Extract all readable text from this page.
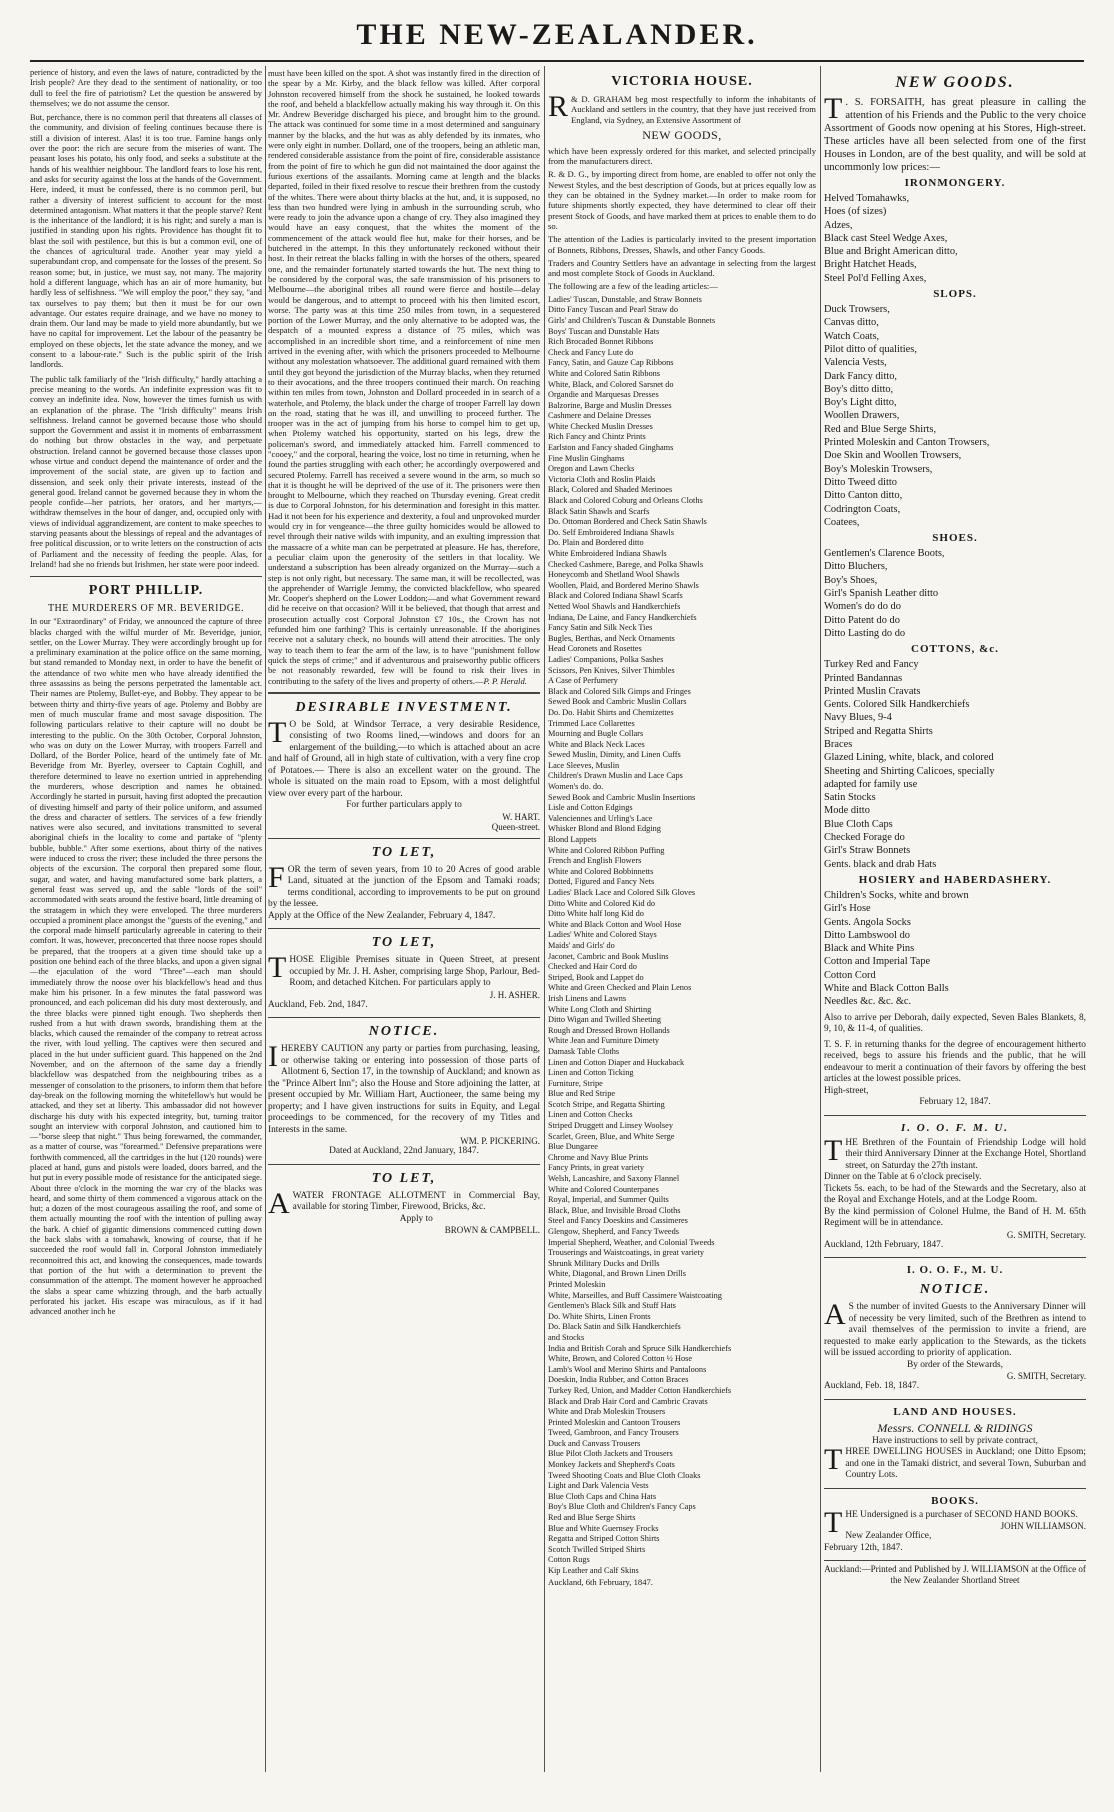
THE NEW-ZEALANDER.

perience of history, and even the laws of nature, contradicted by the Irish people? Are they dead to the sentiment of nationality, or too dull to feel the fire of patriotism? Let the question be answered by themselves; we do not assume the censor.

But, perchance, there is no common peril that threatens all classes of the community, and division of feeling continues because there is still a division of interest. Alas! it is too true. Famine hangs only over the poor: the rich are secure from the miseries of want. The peasant loses his potato, his only food, and seeks a substitute at the hands of his wealthier neighbour. The landlord fears to lose his rent, and asks for security against the loss at the hands of the Government. Here, indeed, it must be confessed, there is no common peril, but rather a diversity of interest sufficient to account for the most determined antagonism. What matters it that the people starve? Rent is the inheritance of the landlord; it is his right; and surely a man is justified in standing upon his rights. Providence has thought fit to blast the soil with pestilence, but this is but a common evil, one of the chances of agricultural trade. Another year may yield a superabundant crop, and compensate for the losses of the present. So reason some; but, in justice, we must say, not many. The majority hold a different language, which has an air of more humanity, but hardly less of selfishness. "We will employ the poor," they say, "and tax ourselves to pay them; but then it must be for our own advantage. Our estates require drainage, and we have no money to drain them. Our land may be made to yield more abundantly, but we have no capital for improvement. Let the labour of the peasantry be employed on these objects, let the state advance the money, and we consent to a labour-rate." Such is the public spirit of the Irish landlords.

The public talk familiarly of the "Irish difficulty," hardly attaching a precise meaning to the words. An indefinite expression was fit to convey an indefinite idea. Now, however the times furnish us with an explanation of the phrase. The "Irish difficulty" means Irish selfishness. Ireland cannot be governed because those who should support the Government and assist it in moments of embarrassment do nothing but throw obstacles in the way, and perpetuate obstruction. Ireland cannot be governed because those classes upon whose virtue and conduct depend the maintenance of order and the improvement of the social state, are given up to faction and dissension, and seek only their private interests, instead of the general good. Ireland cannot be governed because they in whom the people confide—her patriots, her orators, and her martyrs,—withdraw themselves in the hour of danger, and, occupied only with views of individual aggrandizement, are content to make speeches to starving peasants about the blessings of repeal and the advantages of free political discussion, or to write letters on the construction of acts of Parliament and the necessity of feeding the people. Alas, for Ireland! had she no friends but Irishmen, her state were poor indeed.

PORT PHILLIP.
THE MURDERERS OF MR. BEVERIDGE.

In our "Extraordinary" of Friday, we announced the capture of three blacks charged with the wilful murder of Mr. Beveridge, junior, settler, on the Lower Murray. They were accordingly brought up for a preliminary examination at the police office on the same morning, but stand remanded to Monday next, in order to have the benefit of the attendance of two white men who have already identified the three assassins as being the persons perpetrated the lamentable act. Their names are Ptolemy, Bullet-eye, and Bobby. They appear to be between thirty and thirty-five years of age. Ptolemy and Bobby are men of much muscular frame and most savage disposition. The following particulars relative to their capture will no doubt be interesting to the public. On the 30th October, Corporal Johnston, who was on duty on the Lower Murray, with troopers Farrell and Dollard, of the Border Police, heard of the untimely fate of Mr. Beveridge from Mr. Byerley, overseer to Captain Coghill, and therefore determined to leave no exertion untried in apprehending the murderers, whose description and names he obtained. Accordingly he started in pursuit, having first adopted the precaution of divesting himself and party of their police uniform, and assumed the dress and character of settlers. The services of a few friendly natives were also secured, and invitations transmitted to several aboriginal chiefs in the locality to come and partake of "plenty bubble, bubble." After some exertions, about thirty of the natives were induced to cross the river; these included the three persons the objects of the excursion. The corporal then prepared some flour, sugar, and water, and having manufactured some bark platters, a general feast was served up, and the sable "lords of the soil" accommodated with seats around the festive board, little dreaming of the stratagem in which they were enveloped. The three murderers occupied a prominent place amongst the "guests of the evening," and the corporal made himself particularly agreeable in catering to their comfort. It was, however, preconcerted that three noose ropes should be prepared, that the troopers at a given time should take up a position one behind each of the three blacks, and upon a given signal—the ejaculation of the word "Three"—each man should immediately throw the noose over his blackfellow's head and thus make him his prisoner. In a few minutes the fatal password was pronounced, and each policeman did his duty most dexterously, and the three blacks were pinned tight enough. Two shepherds then rushed from a hut with drawn swords, brandishing them at the blacks, which caused the remainder of the company to retreat across the river, with loud yelling. The captives were then secured and placed in the hut under sufficient guard. This happened on the 2nd November, and on the afternoon of the same day a friendly blackfellow was despatched from the neighbouring tribes as a messenger of consolation to the prisoners, to inform them that before day-break on the following morning the whitefellow's hut would be attacked, and they set at liberty. This ambassador did not however discharge his duty with his expected integrity, but, turning traitor sought an interview with corporal Johnston, and cautioned him to—"borse sleep that night." Thus being forewarned, the commander, as a matter of course, was "forearmed." Defensive preparations were forthwith commenced, all the cartridges in the hut (120 rounds) were placed at hand, guns and pistols were loaded, doors barred, and the hut put in every possible mode of resistance for the anticipated siege. About three o'clock in the morning the war cry of the blacks was heard, and some thirty of them commenced a vigorous attack on the hut; a dozen of the most courageous assailing the roof, and some of them actually mounting the roof with the intention of pulling away the bark. A chief of gigantic dimensions commenced cutting down the back slabs with a tomahawk, knowing of course, that if he succeeded the roof would fall in. Corporal Johnston immediately reconnoitred this act, and knowing the consequences, made towards that portion of the hut with a determination to prevent the consummation of the attempt. The moment however he approached the slabs a spear came whizzing through, and the barb actually perforated his jacket. His escape was miraculous, as if it had advanced another inch he

must have been killed on the spot. A shot was instantly fired in the direction of the spear by a Mr. Kirby, and the black fellow was killed. After corporal Johnston recovered himself from the shock he sustained, he looked towards the roof, and beheld a blackfellow actually making his way through it. On this Mr. Andrew Beveridge discharged his piece, and brought him to the ground. The attack was continued for some time in a most determined and sanguinary manner by the blacks, and the hut was as ably defended by its inmates, who were only eight in number. Dollard, one of the troopers, being an athletic man, rendered considerable assistance from the point of fire, considerable assistance from the point of fire to which he gun did not maintained the door against the furious exertions of the assailants. Morning came at length and the blacks departed, foiled in their fixed resolve to rescue their brethren from the custody of the whites. There were about thirty blacks at the hut, and, it is supposed, no less than two hundred were lying in ambush in the surrounding scrub, who were ready to join the advance upon a change of cry. They also imagined they would have an easy conquest, that the whites the moment of the commencement of the attack would flee hut, make for their horses, and be butchered in the attempt. In this they unfortunately reckoned without their host. In their retreat the blacks falling in with the horses of the others, speared one, and the remainder fortunately started towards the hut. The next thing to be considered by the corporal was, the safe transmission of his prisoners to Melbourne—the aboriginal tribes all round were fierce and hostile—delay would be dangerous, and to attempt to proceed with his then limited escort, worse. The party was at this time 250 miles from town, in a sequestered portion of the Lower Murray, and the only alternative to be adopted was, the despatch of a mounted express a distance of 75 miles, which was accomplished in an incredible short time, and a reinforcement of nine men arrived in the evening after, with which the prisoners proceeded to Melbourne without any molestation whatsoever. The additional guard remained with them until they got beyond the jurisdiction of the Murray blacks, when they returned to their avocations, and the three troopers continued their march. On reaching within ten miles from town, Johnston and Dollard proceeded in in search of a waterhole, and Ptolemy, the black under the charge of trooper Farrell lay down on the road, stating that he was ill, and unwilling to proceed further. The trooper was in the act of jumping from his horse to compel him to get up, when Ptolemy watched his opportunity, started on his legs, drew the policeman's sword, and immediately attacked him. Farrell commenced to "cooey," and the corporal, hearing the voice, lost no time in returning, when he found the parties struggling with each other; he accordingly overpowered and secured Ptolemy. Farrell has received a severe wound in the arm, so much so that it is thought he will be deprived of the use of it. The prisoners were then brought to Melbourne, which they reached on Thursday evening. Great credit is due to Corporal Johnston, for his determination and foresight in this matter. Had it not been for his experience and dexterity, a foul and unprovoked murder would cry in for vengeance—the three guilty homicides would be allowed to revel through their native wilds with impunity, and an exulting impression that the massacre of a white man can be perpetrated at pleasure. He has, therefore, a peculiar claim upon the generosity of the settlers in that locality. We understand a subscription has been already organized on the Murray—such a step is not only right, but necessary. The same man, it will be recollected, was the apprehender of Warrigle Jemmy, the convicted blackfellow, who speared Mr. Cooper's shepherd on the Lower Loddon;—and what Government reward did he receive on that occasion? Will it be believed, that though that arrest and prosecution actually cost Corporal Johnston £7 10s., the Crown has not refunded him one farthing? This is certainly unreasonable. If the aborigines receive not a salutary check, no bounds will attend their atrocities. The only way to teach them to fear the arm of the law, is to have "punishment follow quick the steps of crime;" and if adventurous and praiseworthy public officers be not reasonably rewarded, few will be found to risk their lives in contributing to the safety of the lives and property of others.—P. P. Herald.

DESIRABLE INVESTMENT.

T O be Sold, at Windsor Terrace, a very desirable Residence, consisting of two Rooms lined,—windows and doors for an enlargement of the building,—to which is attached about an acre and half of Ground, all in high state of cultivation, with a very fine crop of Potatoes.— There is also an excellent water on the ground. The whole is situated on the main road to Epsom, with a most delightful view over every part of the harbour.

For further particulars apply to

W. HART.

Queen-street.

TO LET,

FOR the term of seven years, from 10 to 20 Acres of good arable Land, situated at the junction of the Epsom and Tamaki roads; terms conditional, according to improvements to be put on ground by the lessee.

Apply at the Office of the New Zealander, February 4, 1847.

TO LET,

THOSE Eligible Premises situate in Queen Street, at present occupied by Mr. J. H. Asher, comprising large Shop, Parlour, Bed-Room, and detached Kitchen. For particulars apply to

J. H. ASHER.

Auckland, Feb. 2nd, 1847.

NOTICE.

IHEREBY CAUTION any party or parties from purchasing, leasing, or otherwise taking or entering into possession of those parts of Allotment 6, Section 17, in the township of Auckland; and known as the "Prince Albert Inn"; also the House and Store adjoining the latter, at present occupied by Mr. William Hart, Auctioneer, the same being my property; and I have given instructions for suits in Equity, and Legal proceedings to be commenced, for the recovery of my Titles and Interests in the same.

WM. P. PICKERING.

Dated at Auckland, 22nd January, 1847.

TO LET,

AWATER FRONTAGE ALLOTMENT in Commercial Bay, available for storing Timber, Firewood, Bricks, &c.

Apply to

BROWN & CAMPBELL.

VICTORIA HOUSE.

R & D. GRAHAM beg most respectfully to inform the inhabitants of Auckland and settlers in the country, that they have just received from England, via Sydney, an Extensive Assortment of

NEW GOODS,

which have been expressly ordered for this market, and selected principally from the manufacturers direct.

R. & D. G., by importing direct from home, are enabled to offer not only the Newest Styles, and the best description of Goods, but at prices equally low as they can be obtained in the Sydney market.—In order to make room for future shipments shortly expected, they have determined to clear off their present Stock of Goods, and have marked them at prices to enable them to do so.

The attention of the Ladies is particularly invited to the present importation of Bonnets, Ribbons, Dresses, Shawls, and other Fancy Goods.

Traders and Country Settlers have an advantage in selecting from the largest and most complete Stock of Goods in Auckland.

The following are a few of the leading articles:—

Ladies' Tuscan, Dunstable, and Straw Bonnets
Ditto Fancy Tuscan and Pearl Straw do
Girls' and Children's Tuscan & Dunstable Bonnets
Boys' Tuscan and Dunstable Hats
Rich Brocaded Bonnet Ribbons
Check and Fancy Lute do
Fancy, Satin, and Gauze Cap Ribbons
White and Colored Satin Ribbons
White, Black, and Colored Sarsnet do
Organdie and Marquesas Dresses
Balzorine, Barge and Muslin Dresses
Cashmere and Delaine Dresses
White Checked Muslin Dresses
Rich Fancy and Chintz Prints
Earlston and Fancy shaded Ginghams
Fine Muslin Ginghams
Oregon and Lawn Checks
Victoria Cloth and Roslin Plaids
Black, Colored and Shaded Merinoes
Black and Colored Coburg and Orleans Cloths
Black Satin Shawls and Scarfs
Do. Ottoman Bordered and Check Satin Shawls
Do. Self Embroidered Indiana Shawls
Do. Plain and Bordered ditto
White Embroidered Indiana Shawls
Checked Cashmere, Barege, and Polka Shawls
Honeycomb and Shetland Wool Shawls
Woollen, Plaid, and Bordered Merino Shawls
Black and Colored Indiana Shawl Scarfs
Netted Wool Shawls and Handkerchiefs
Indiana, De Laine, and Fancy Handkerchiefs
Fancy Satin and Silk Neck Ties
Bugles, Berthas, and Neck Ornaments
Head Coronets and Rosettes
Ladies' Companions, Polka Sashes
Scissors, Pen Knives, Silver Thimbles
A Case of Perfumery
Black and Colored Silk Gimps and Fringes
Sewed Book and Cambric Muslin Collars
Do. Do. Habit Shirts and Chemizettes
Trimmed Lace Collarettes
Mourning and Bugle Collars
White and Black Neck Laces
Sewed Muslin, Dimity, and Linen Cuffs
Lace Sleeves, Muslin
Children's Drawn Muslin and Lace Caps
Women's do. do.
Sewed Book and Cambric Muslin Insertions
Lisle and Cotton Edgings
Valenciennes and Urling's Lace
Whisker Blond and Blond Edging
Blond Lappets
White and Colored Ribbon Puffing
French and English Flowers
White and Colored Bobbinnetts
Dotted, Figured and Fancy Nets
Ladies' Black Lace and Colored Silk Gloves
Ditto White and Colored Kid do
Ditto White half long Kid do
White and Black Cotton and Wool Hose
Ladies' White and Colored Stays
Maids' and Girls' do
Jaconet, Cambric and Book Muslins
Checked and Hair Cord do
Striped, Book and Lappet do
White and Green Checked and Plain Lenos
Irish Linens and Lawns
White Long Cloth and Shirting
Ditto Wigan and Twilled Sheeting
Rough and Dressed Brown Hollands
White Jean and Furniture Dimety
Damask Table Cloths
Linen and Cotton Diaper and Huckaback
Linen and Cotton Ticking
Furniture, Stripe
Blue and Red Stripe
Scotch Stripe, and Regatta Shirting
Linen and Cotton Checks
Striped Druggett and Linsey Woolsey
Scarlet, Green, Blue, and White Serge
Blue Dungaree
Chrome and Navy Blue Prints
Fancy Prints, in great variety
Welsh, Lancashire, and Saxony Flannel
White and Colored Counterpanes
Royal, Imperial, and Summer Quilts
Black, Blue, and Invisible Broad Cloths
Steel and Fancy Doeskins and Cassimeres
Glengow, Shepherd, and Fancy Tweeds
Imperial Shepherd, Weather, and Colonial Tweeds
Trouserings and Waistcoatings, in great variety
Shrunk Military Ducks and Drills
White, Diagonal, and Brown Linen Drills
Printed Moleskin
White, Marseilles, and Buff Cassimere Waistcoating
Gentlemen's Black Silk and Stuff Hats
Do. White Shirts, Linen Fronts
Do. Black Satin and Silk Handkerchiefs
and Stocks
India and British Corah and Spruce Silk Handkerchiefs
White, Brown, and Colored Cotton ½ Hose
Lamb's Wool and Merino Shirts and Pantaloons
Doeskin, India Rubber, and Cotton Braces
Turkey Red, Union, and Madder Cotton Handkerchiefs
Black and Drab Hair Cord and Cambric Cravats
White and Drab Moleskin Trousers
Printed Moleskin and Cantoon Trousers
Tweed, Gambroon, and Fancy Trousers
Duck and Canvass Trousers
Blue Pilot Cloth Jackets and Trousers
Monkey Jackets and Shepherd's Coats
Tweed Shooting Coats and Blue Cloth Cloaks
Light and Dark Valencia Vests
Blue Cloth Caps and China Hats
Boy's Blue Cloth and Children's Fancy Caps
Red and Blue Serge Shirts
Blue and White Guernsey Frocks
Regatta and Striped Cotton Shirts
Scotch Twilled Striped Shirts
Cotton Rugs
Kip Leather and Calf Skins

Auckland, 6th February, 1847.

NEW GOODS.

T . S. FORSAITH, has great pleasure in calling the attention of his Friends and the Public to the very choice Assortment of Goods now opening at his Stores, High-street. These articles have all been selected from one of the first Houses in London, are of the best quality, and will be sold at uncommonly low prices:—

IRONMONGERY.
Helved Tomahawks,
Hoes (of sizes)
Adzes,
Black cast Steel Wedge Axes,
Blue and Bright American ditto,
Bright Hatchet Heads,
Steel Pol'd Felling Axes,
SLOPS.
Duck Trowsers,
Canvas ditto,
Watch Coats,
Pilot ditto of qualities,
Valencia Vests,
Dark Fancy ditto,
Boy's ditto ditto,
Boy's Light ditto,
Woollen Drawers,
Red and Blue Serge Shirts,
Printed Moleskin and Canton Trowsers,
Doe Skin and Woollen Trowsers,
Boy's Moleskin Trowsers,
Ditto Tweed ditto
Ditto Canton ditto,
Codrington Coats,
Coatees,
SHOES.
Gentlemen's Clarence Boots,
Ditto Bluchers,
Boy's Shoes,
Girl's Spanish Leather ditto
Women's do do do
Ditto Patent do do
Ditto Lasting do do
COTTONS, &c.
Turkey Red and Fancy
Printed Bandannas
Printed Muslin Cravats
Gents. Colored Silk Handkerchiefs
Navy Blues, 9-4
Striped and Regatta Shirts
Braces
Glazed Lining, white, black, and colored
Sheeting and Shirting Calicoes, specially
adapted for family use
Satin Stocks
Mode ditto
Blue Cloth Caps
Checked Forage do
Girl's Straw Bonnets
Gents. black and drab Hats
HOSIERY and HABERDASHERY.
Children's Socks, white and brown
Girl's Hose
Gents. Angola Socks
Ditto Lambswool do
Black and White Pins
Cotton and Imperial Tape
Cotton Cord
White and Black Cotton Balls
Needles &c. &c. &c.

Also to arrive per Deborah, daily expected, Seven Bales Blankets, 8, 9, 10, & 11-4, of qualities.

T. S. F. in returning thanks for the degree of encouragement hitherto received, begs to assure his friends and the public, that he will endeavour to merit a continuation of their favors by offering the best articles at the lowest possible prices.

High-street,

February 12, 1847.

I. O. O. F. M. U.

THE Brethren of the Fountain of Friendship Lodge will hold their third Anniversary Dinner at the Exchange Hotel, Shortland street, on Saturday the 27th instant.

Dinner on the Table at 6 o'clock precisely.

Tickets 5s. each, to be had of the Stewards and the Secretary, also at the Royal and Exchange Hotels, and at the Lodge Room.

By the kind permission of Colonel Hulme, the Band of H. M. 65th Regiment will be in attendance.

G. SMITH, Secretary.

Auckland, 12th February, 1847.

I. O. O. F., M. U.
NOTICE.

A S the number of invited Guests to the Anniversary Dinner will of necessity be very limited, such of the Brethren as intend to avail themselves of the permission to invite a friend, are requested to make early application to the Stewards, as the tickets will be issued according to priority of application.

By order of the Stewards,

G. SMITH, Secretary.

Auckland, Feb. 18, 1847.

LAND AND HOUSES.
Messrs. CONNELL & RIDINGS

Have instructions to sell by private contract,

THREE DWELLING HOUSES in Auckland; one Ditto Epsom; and one in the Tamaki district, and several Town, Suburban and Country Lots.

BOOKS.

THE Undersigned is a purchaser of SECOND HAND BOOKS.

JOHN WILLIAMSON.

New Zealander Office,

February 12th, 1847.

Auckland:—Printed and Published by J. WILLIAMSON at the Office of the New Zealander Shortland Street
